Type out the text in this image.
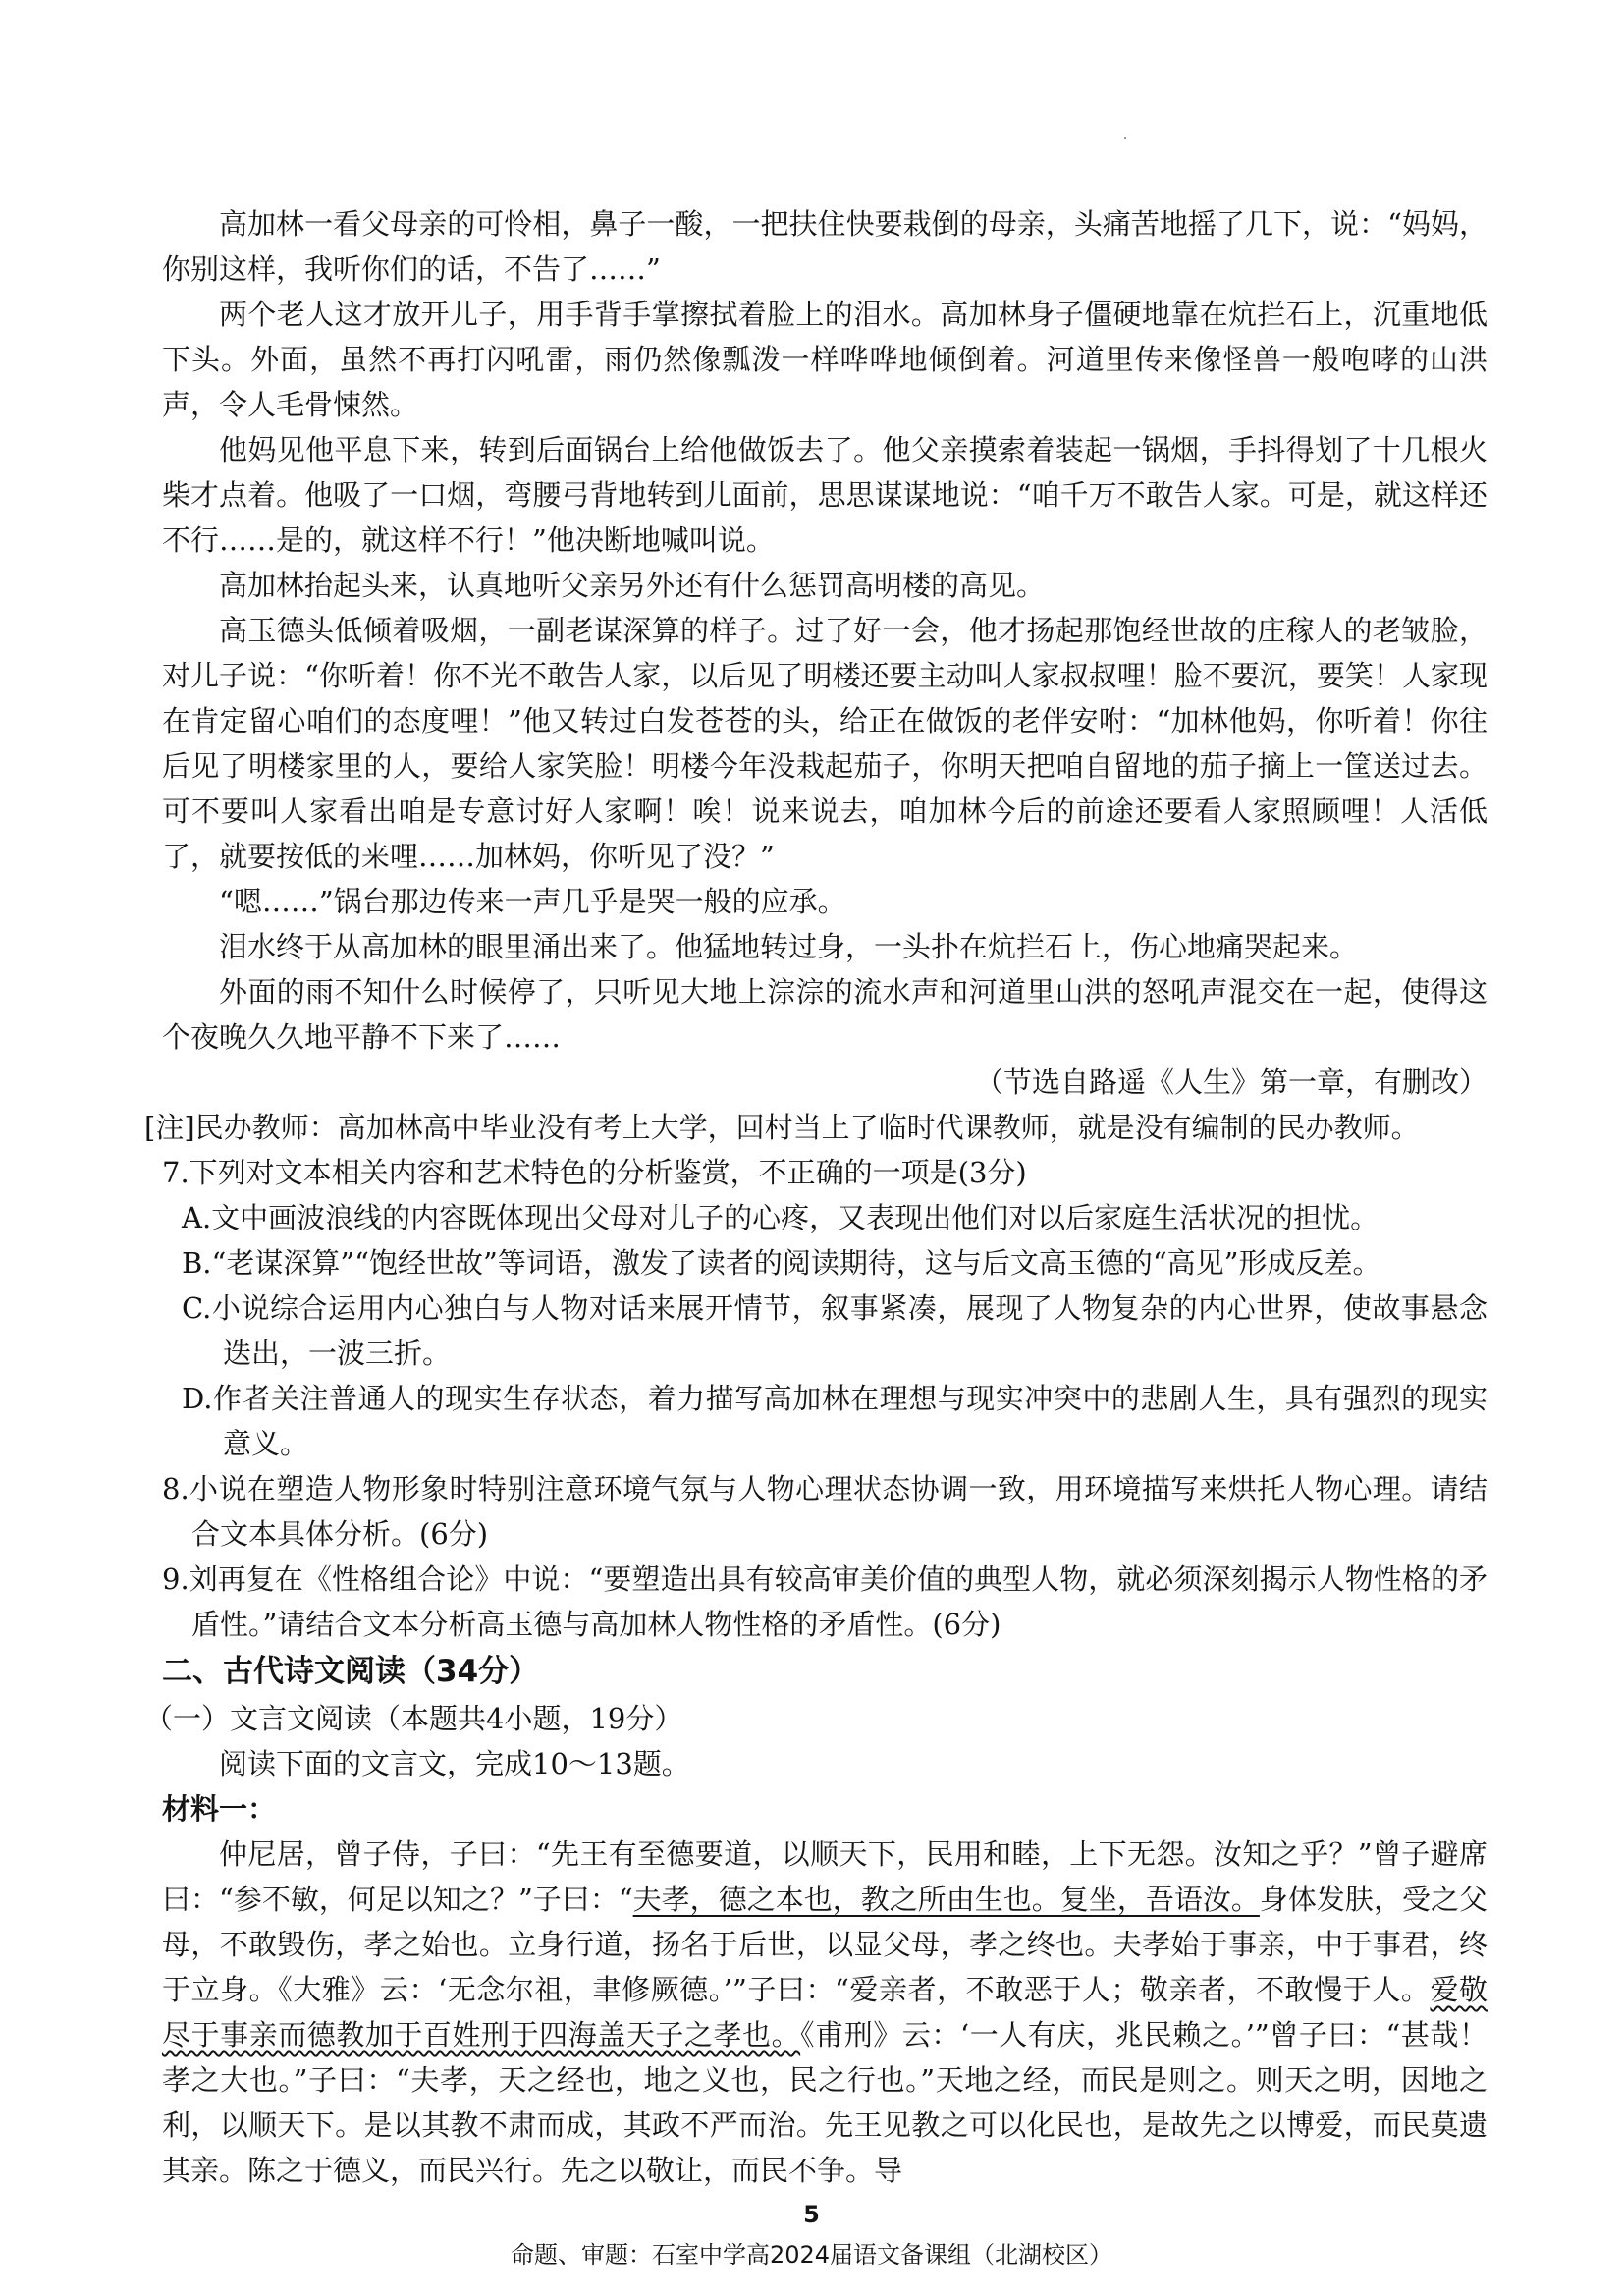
高加林一看父母亲的可怜相，鼻子一酸，一把扶住快要栽倒的母亲，头痛苦地摇了几下，说：“妈妈，你别这样，我听你们的话，不告了……”

两个老人这才放开儿子，用手背手掌擦拭着脸上的泪水。高加林身子僵硬地靠在炕拦石上，沉重地低下头。外面，虽然不再打闪吼雷，雨仍然像瓢泼一样哗哗地倾倒着。河道里传来像怪兽一般咆哮的山洪声，令人毛骨悚然。

他妈见他平息下来，转到后面锅台上给他做饭去了。他父亲摸索着装起一锅烟，手抖得划了十几根火柴才点着。他吸了一口烟，弯腰弓背地转到儿面前，思思谋谋地说：“咱千万不敢告人家。可是，就这样还不行……是的，就这样不行！”他决断地喊叫说。

高加林抬起头来，认真地听父亲另外还有什么惩罚高明楼的高见。

高玉德头低倾着吸烟，一副老谋深算的样子。过了好一会，他才扬起那饱经世故的庄稼人的老皱脸，对儿子说：“你听着！你不光不敢告人家，以后见了明楼还要主动叫人家叔叔哩！脸不要沉，要笑！人家现在肯定留心咱们的态度哩！”他又转过白发苍苍的头，给正在做饭的老伴安咐：“加林他妈，你听着！你往后见了明楼家里的人，要给人家笑脸！明楼今年没栽起茄子，你明天把咱自留地的茄子摘上一筐送过去。可不要叫人家看出咱是专意讨好人家啊！唉！说来说去，咱加林今后的前途还要看人家照顾哩！人活低了，就要按低的来哩……加林妈，你听见了没？”

“嗯……”锅台那边传来一声几乎是哭一般的应承。

泪水终于从高加林的眼里涌出来了。他猛地转过身，一头扑在炕拦石上，伤心地痛哭起来。

外面的雨不知什么时候停了，只听见大地上淙淙的流水声和河道里山洪的怒吼声混交在一起，使得这个夜晚久久地平静不下来了……

（节选自路遥《人生》第一章，有删改）

[注]民办教师：高加林高中毕业没有考上大学，回村当上了临时代课教师，就是没有编制的民办教师。

7.下列对文本相关内容和艺术特色的分析鉴赏，不正确的一项是(3分)

A.文中画波浪线的内容既体现出父母对儿子的心疼，又表现出他们对以后家庭生活状况的担忧。

B.“老谋深算”“饱经世故”等词语，激发了读者的阅读期待，这与后文高玉德的“高见”形成反差。

C.小说综合运用内心独白与人物对话来展开情节，叙事紧凑，展现了人物复杂的内心世界，使故事悬念迭出，一波三折。

D.作者关注普通人的现实生存状态，着力描写高加林在理想与现实冲突中的悲剧人生，具有强烈的现实意义。

8.小说在塑造人物形象时特别注意环境气氛与人物心理状态协调一致，用环境描写来烘托人物心理。请结合文本具体分析。(6分)

9.刘再复在《性格组合论》中说：“要塑造出具有较高审美价值的典型人物，就必须深刻揭示人物性格的矛盾性。”请结合文本分析高玉德与高加林人物性格的矛盾性。(6分)

二、古代诗文阅读（34分）

（一）文言文阅读（本题共4小题，19分）

阅读下面的文言文，完成10～13题。

材料一：

仲尼居，曾子侍，子曰：“先王有至德要道，以顺天下，民用和睦，上下无怨。汝知之乎？”曾子避席曰：“参不敏，何足以知之？”子曰：“夫孝，德之本也，教之所由生也。复坐，吾语汝。身体发肤，受之父母，不敢毁伤，孝之始也。立身行道，扬名于后世，以显父母，孝之终也。夫孝始于事亲，中于事君，终于立身。《大雅》云：‘无念尔祖，聿修厥德。’”子曰：“爱亲者，不敢恶于人；敬亲者，不敢慢于人。爱敬尽于事亲而德教加于百姓刑于四海盖天子之孝也。《甫刑》云：‘一人有庆，兆民赖之。’”曾子曰：“甚哉！孝之大也。”子曰：“夫孝，天之经也，地之义也，民之行也。”天地之经，而民是则之。则天之明，因地之利，以顺天下。是以其教不肃而成，其政不严而治。先王见教之可以化民也，是故先之以博爱，而民莫遗其亲。陈之于德义，而民兴行。先之以敬让，而民不争。导

5
命题、审题：石室中学高2024届语文备课组（北湖校区）
